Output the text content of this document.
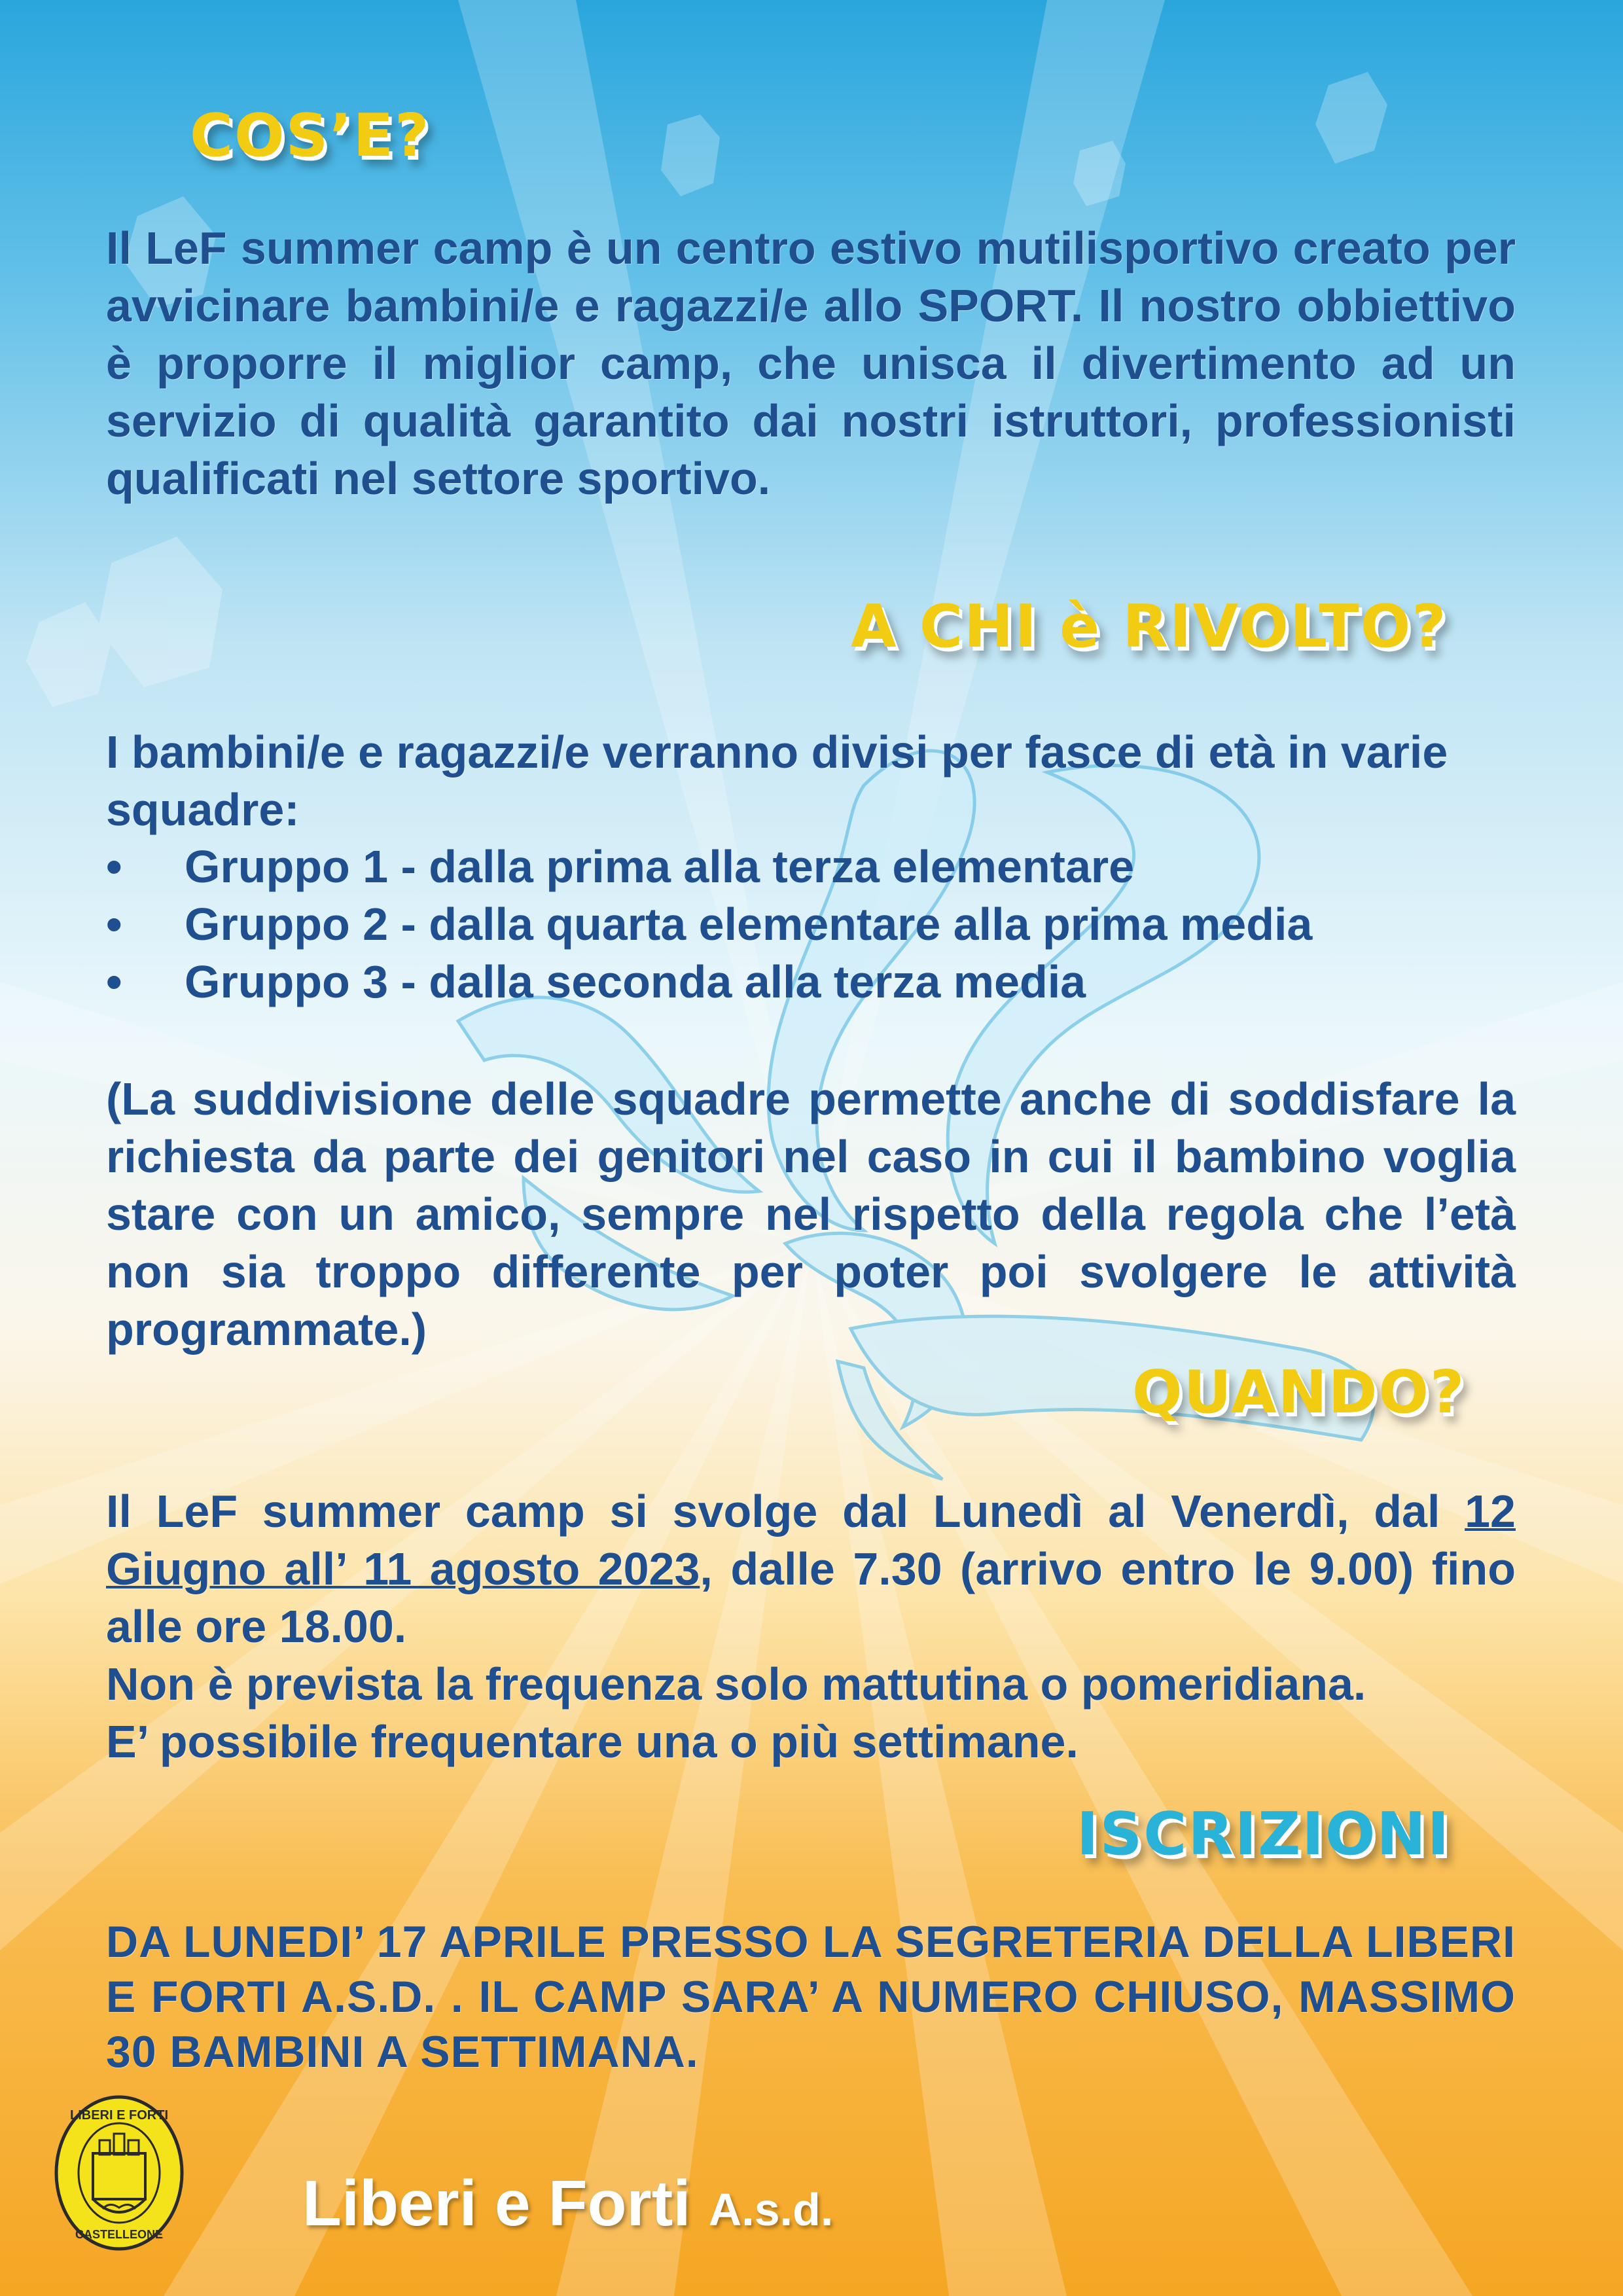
COS’E?
Il LeF summer camp è un centro estivo mutilisportivo creato per avvicinare bambini/e e ragazzi/e allo SPORT. Il nostro obbiettivo è proporre il miglior camp, che unisca il divertimento ad un servizio di qualità garantito dai nostri istruttori, professionisti qualificati nel settore sportivo.
A CHI è RIVOLTO?
I bambini/e e ragazzi/e verranno divisi per fasce di età in varie squadre:
•	Gruppo 1 - dalla prima alla terza elementare
•	Gruppo 2 - dalla quarta elementare alla prima media
•	Gruppo 3 - dalla seconda alla terza media
(La suddivisione delle squadre permette anche di soddisfare la richiesta da parte dei genitori nel caso in cui il bambino voglia stare con un amico, sempre nel rispetto della regola che l’età non sia troppo differente per poter poi svolgere le attività programmate.)
QUANDO?

Il LeF summer camp si svolge dal Lunedì al Venerdì, dal 12 Giugno all’ 11 agosto 2023, dalle 7.30 (arrivo entro le 9.00) fino alle ore 18.00.

Non è prevista la frequenza solo mattutina o pomeridiana.

E’ possibile frequentare una o più settimane.

ISCRIZIONI
DA LUNEDI’ 17 APRILE PRESSO LA SEGRETERIA DELLA LIBERI E FORTI A.S.D. . IL CAMP SARA’ A NUMERO CHIUSO, MASSIMO 30 BAMBINI A SETTIMANA.
LIBERI E FORTI
CASTELLEONE Liberi e Forti A.s.d.
